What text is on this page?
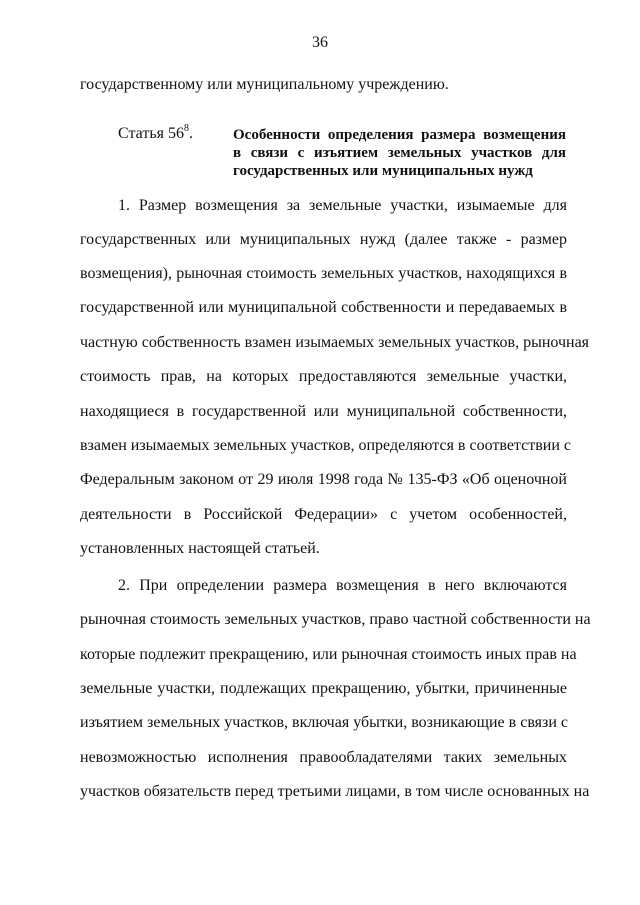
36
государственному или муниципальному учреждению.
Статья $56^8$.	Особенности определения размера возмещения
в связи с изъятием земельных участков для
государственных или муниципальных нужд
1. Размер возмещения за земельные участки, изымаемые для
государственных или муниципальных нужд (далее также - размер
возмещения), рыночная стоимость земельных участков, находящихся в
государственной или муниципальной собственности и передаваемых в
частную собственность взамен изымаемых земельных участков, рыночная
стоимость прав, на которых предоставляются земельные участки,
находящиеся в государственной или муниципальной собственности,
взамен изымаемых земельных участков, определяются в соответствии с
Федеральным законом от 29 июля 1998 года № 135-ФЗ «Об оценочной
деятельности в Российской Федерации» с учетом особенностей,
установленных настоящей статьей.
2. При определении размера возмещения в него включаются
рыночная стоимость земельных участков, право частной собственности на
которые подлежит прекращению, или рыночная стоимость иных прав на
земельные участки, подлежащих прекращению, убытки, причиненные
изъятием земельных участков, включая убытки, возникающие в связи с
невозможностью исполнения правообладателями таких земельных
участков обязательств перед третьими лицами, в том числе основанных на
